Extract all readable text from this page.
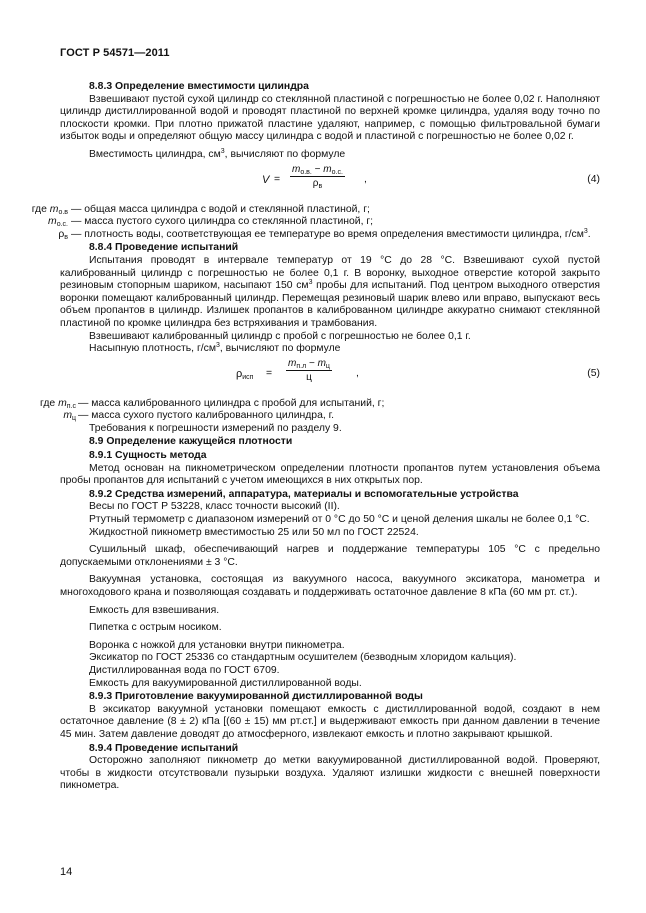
ГОСТ Р 54571—2011

8.8.3 Определение вместимости цилиндра

Взвешивают пустой сухой цилиндр со стеклянной пластиной с погрешностью не более 0,02 г. Наполняют цилиндр дистиллированной водой и проводят пластиной по верхней кромке цилиндра, удаляя воду точно по плоскости кромки. При плотно прижатой пластине удаляют, например, с помощью фильтровальной бумаги избыток воды и определяют общую массу цилиндра с водой и пластиной с погрешностью не более 0,02 г.

Вместимость цилиндра, $см^3$, вычисляют по формуле

V =
$m_{о.в.} - m_{о.с.}$
$\rho_в$
,	(4)
где $m_{о.в}$ — общая масса цилиндра с водой и стеклянной пластиной, г;
$m_{о.с.}$ — масса пустого сухого цилиндра со стеклянной пластиной, г;
$\rho_в$ — плотность воды, соответствующая ее температуре во время определения вместимости цилиндра, $г/см^3$.

8.8.4 Проведение испытаний

Испытания проводят в интервале температур от 19 °С до 28 °С. Взвешивают сухой пустой калиброванный цилиндр с погрешностью не более 0,1 г. В воронку, выходное отверстие которой закрыто резиновым стопорным шариком, насыпают 150 $см^3$ пробы для испытаний. Под центром выходного отверстия воронки помещают калиброванный цилиндр. Перемещая резиновый шарик влево или вправо, выпускают весь объем пропантов в цилиндр. Излишек пропантов в калиброванном цилиндре аккуратно снимают стеклянной пластиной по кромке цилиндра без встряхивания и трамбования.

Взвешивают калиброванный цилиндр с пробой с погрешностью не более 0,1 г.

Насыпную плотность, $г/см^3$, вычисляют по формуле

$\rho_{исп}$ =
$m_{п.л} - m_ц$
ц	,	(5)
где $m_{п.с}$ — масса калиброванного цилиндра с пробой для испытаний, г;
$m_ц$ — масса сухого пустого калиброванного цилиндра, г.

Требования к погрешности измерений по разделу 9.

8.9 Определение кажущейся плотности

8.9.1 Сущность метода

Метод основан на пикнометрическом определении плотности пропантов путем установления объема пробы пропантов для испытаний с учетом имеющихся в них открытых пор.

8.9.2 Средства измерений, аппаратура, материалы и вспомогательные устройства

Весы по ГОСТ Р 53228, класс точности высокий (II).

Ртутный термометр с диапазоном измерений от 0 °С до 50 °С и ценой деления шкалы не более 0,1 °С.

Жидкостной пикнометр вместимостью 25 или 50 мл по ГОСТ 22524.

Сушильный шкаф, обеспечивающий нагрев и поддержание температуры 105 °С с предельно допускаемыми отклонениями ± 3 °С.

Вакуумная установка, состоящая из вакуумного насоса, вакуумного эксикатора, манометра и многоходового крана и позволяющая создавать и поддерживать остаточное давление 8 кПа (60 мм рт. ст.).

Емкость для взвешивания.

Пипетка с острым носиком.

Воронка с ножкой для установки внутри пикнометра.

Эксикатор по ГОСТ 25336 со стандартным осушителем (безводным хлоридом кальция).

Дистиллированная вода по ГОСТ 6709.

Емкость для вакуумированной дистиллированной воды.

8.9.3 Приготовление вакуумированной дистиллированной воды

В эксикатор вакуумной установки помещают емкость с дистиллированной водой, создают в нем остаточное давление (8 ± 2) кПа [(60 ± 15) мм рт.ст.] и выдерживают емкость при данном давлении в течение 45 мин. Затем давление доводят до атмосферного, извлекают емкость и плотно закрывают крышкой.

8.9.4 Проведение испытаний

Осторожно заполняют пикнометр до метки вакуумированной дистиллированной водой. Проверяют, чтобы в жидкости отсутствовали пузырьки воздуха. Удаляют излишки жидкости с внешней поверхности пикнометра.

14
